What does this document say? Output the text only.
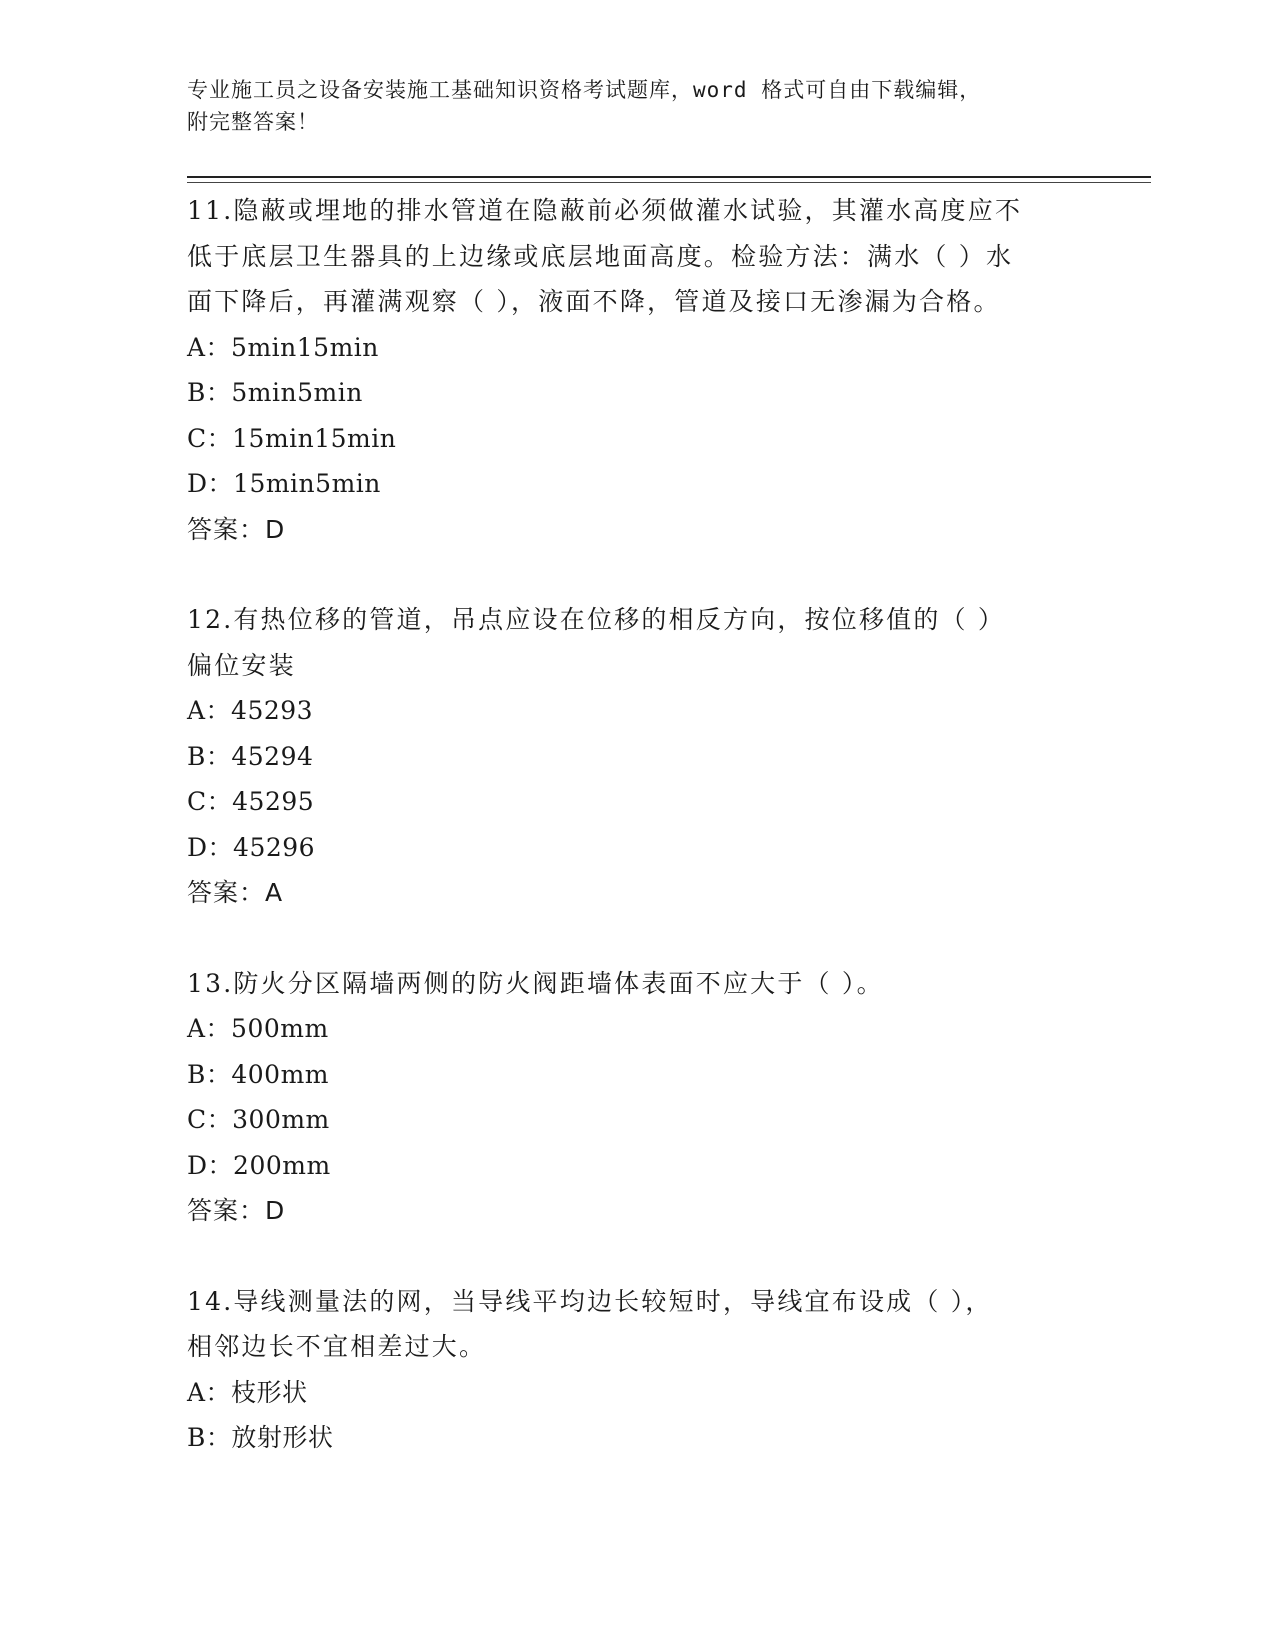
专业施工员之设备安装施工基础知识资格考试题库，word 格式可自由下载编辑，
附完整答案！

11.隐蔽或埋地的排水管道在隐蔽前必须做灌水试验，其灌水高度应不

低于底层卫生器具的上边缘或底层地面高度。检验方法：满水（ ）水

面下降后，再灌满观察（ ），液面不降，管道及接口无渗漏为合格。

A：5min15min

B：5min5min

C：15min15min

D：15min5min

答案：D

12.有热位移的管道，吊点应设在位移的相反方向，按位移值的（ ）

偏位安装

A：45293

B：45294

C：45295

D：45296

答案：A

13.防火分区隔墙两侧的防火阀距墙体表面不应大于（ ）。

A：500mm

B：400mm

C：300mm

D：200mm

答案：D

14.导线测量法的网，当导线平均边长较短时，导线宜布设成（ ），

相邻边长不宜相差过大。

A：枝形状

B：放射形状
